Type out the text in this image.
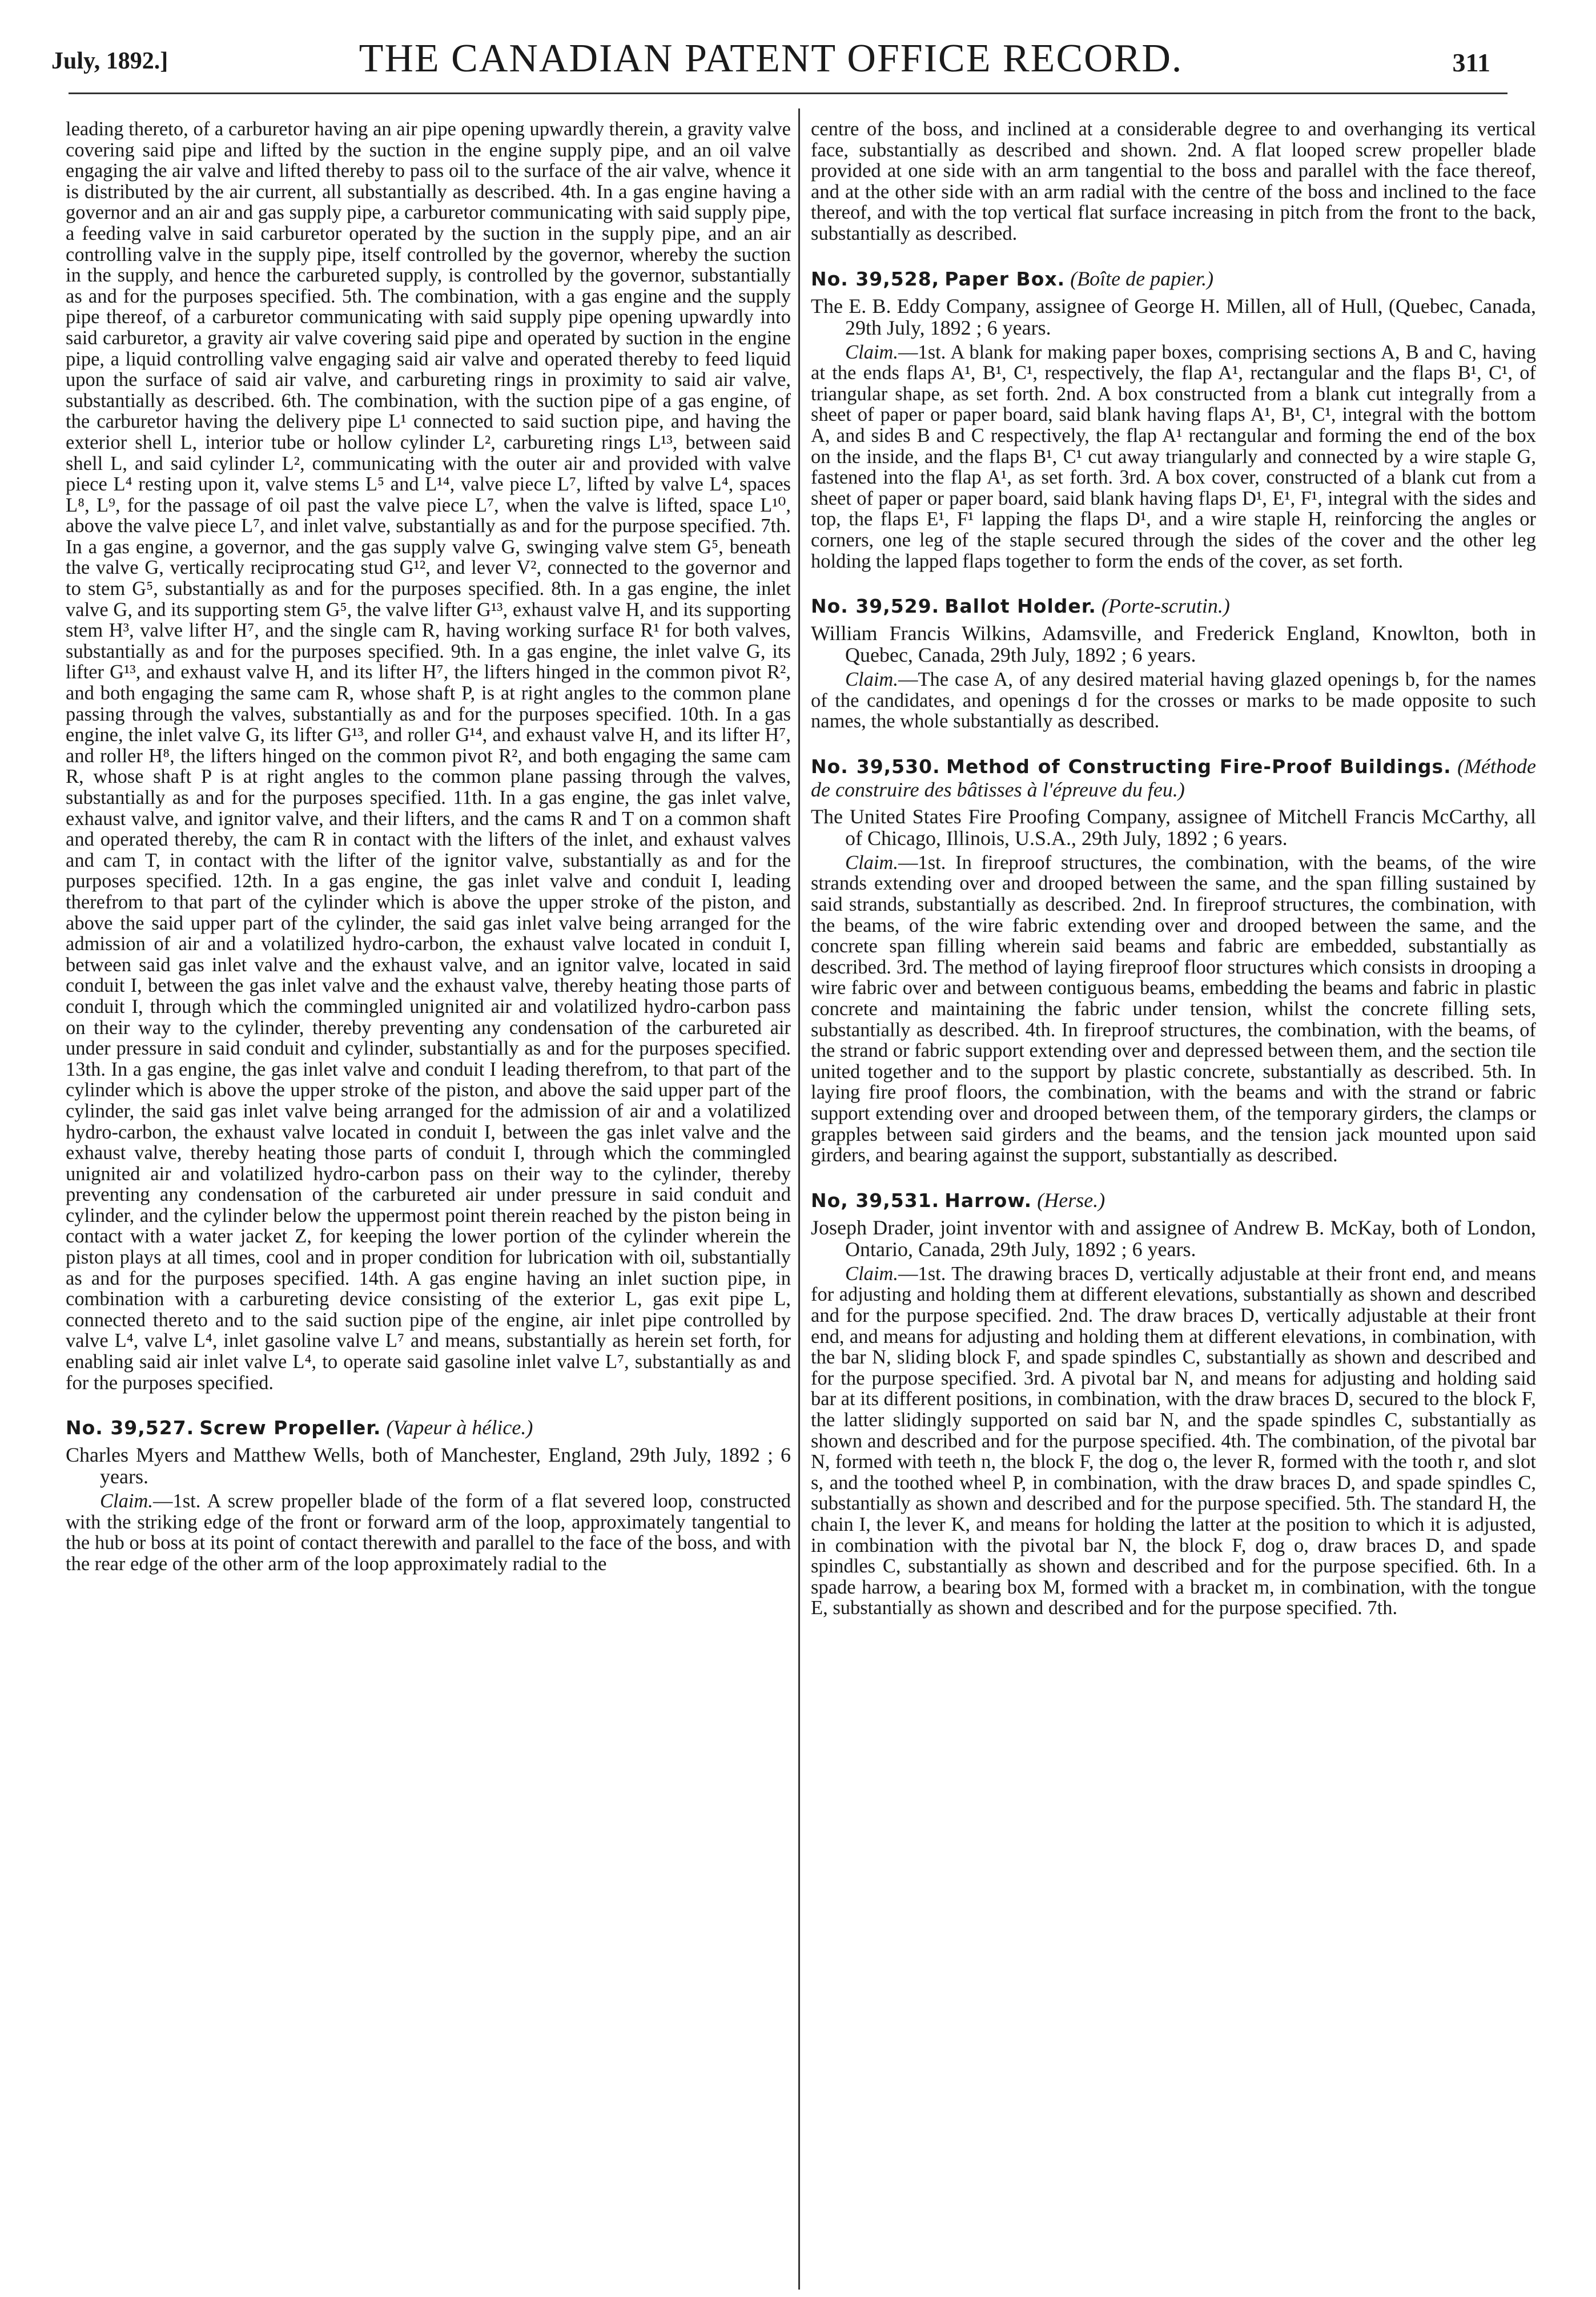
July, 1892.]	THE CANADIAN PATENT OFFICE RECORD.	311

leading thereto, of a carburetor having an air pipe opening upwardly therein, a gravity valve covering said pipe and lifted by the suction in the engine supply pipe, and an oil valve engaging the air valve and lifted thereby to pass oil to the surface of the air valve, whence it is distributed by the air current, all substantially as described. 4th. In a gas engine having a governor and an air and gas supply pipe, a carburetor communicating with said supply pipe, a feeding valve in said carburetor operated by the suction in the supply pipe, and an air controlling valve in the supply pipe, itself controlled by the governor, whereby the suction in the supply, and hence the carbureted supply, is controlled by the governor, substantially as and for the purposes specified. 5th. The combination, with a gas engine and the supply pipe thereof, of a carburetor communicating with said supply pipe opening upwardly into said carburetor, a gravity air valve covering said pipe and operated by suction in the engine pipe, a liquid controlling valve engaging said air valve and operated thereby to feed liquid upon the surface of said air valve, and carbureting rings in proximity to said air valve, substantially as described. 6th. The combination, with the suction pipe of a gas engine, of the carburetor having the delivery pipe L¹ connected to said suction pipe, and having the exterior shell L, interior tube or hollow cylinder L², carbureting rings L¹³, between said shell L, and said cylinder L², communicating with the outer air and provided with valve piece L⁴ resting upon it, valve stems L⁵ and L¹⁴, valve piece L⁷, lifted by valve L⁴, spaces L⁸, L⁹, for the passage of oil past the valve piece L⁷, when the valve is lifted, space L¹⁰, above the valve piece L⁷, and inlet valve, substantially as and for the purpose specified. 7th. In a gas engine, a governor, and the gas supply valve G, swinging valve stem G⁵, beneath the valve G, vertically reciprocating stud G¹², and lever V², connected to the governor and to stem G⁵, substantially as and for the purposes specified. 8th. In a gas engine, the inlet valve G, and its supporting stem G⁵, the valve lifter G¹³, exhaust valve H, and its supporting stem H³, valve lifter H⁷, and the single cam R, having working surface R¹ for both valves, substantially as and for the purposes specified. 9th. In a gas engine, the inlet valve G, its lifter G¹³, and exhaust valve H, and its lifter H⁷, the lifters hinged in the common pivot R², and both engaging the same cam R, whose shaft P, is at right angles to the common plane passing through the valves, substantially as and for the purposes specified. 10th. In a gas engine, the inlet valve G, its lifter G¹³, and roller G¹⁴, and exhaust valve H, and its lifter H⁷, and roller H⁸, the lifters hinged on the common pivot R², and both engaging the same cam R, whose shaft P is at right angles to the common plane passing through the valves, substantially as and for the purposes specified. 11th. In a gas engine, the gas inlet valve, exhaust valve, and ignitor valve, and their lifters, and the cams R and T on a common shaft and operated thereby, the cam R in contact with the lifters of the inlet, and exhaust valves and cam T, in contact with the lifter of the ignitor valve, substantially as and for the purposes specified. 12th. In a gas engine, the gas inlet valve and conduit I, leading therefrom to that part of the cylinder which is above the upper stroke of the piston, and above the said upper part of the cylinder, the said gas inlet valve being arranged for the admission of air and a volatilized hydro-carbon, the exhaust valve located in conduit I, between said gas inlet valve and the exhaust valve, and an ignitor valve, located in said conduit I, between the gas inlet valve and the exhaust valve, thereby heating those parts of conduit I, through which the commingled unignited air and volatilized hydro-carbon pass on their way to the cylinder, thereby preventing any condensation of the carbureted air under pressure in said conduit and cylinder, substantially as and for the purposes specified. 13th. In a gas engine, the gas inlet valve and conduit I leading therefrom, to that part of the cylinder which is above the upper stroke of the piston, and above the said upper part of the cylinder, the said gas inlet valve being arranged for the admission of air and a volatilized hydro-carbon, the exhaust valve located in conduit I, between the gas inlet valve and the exhaust valve, thereby heating those parts of conduit I, through which the commingled unignited air and volatilized hydro-carbon pass on their way to the cylinder, thereby preventing any condensation of the carbureted air under pressure in said conduit and cylinder, and the cylinder below the uppermost point therein reached by the piston being in contact with a water jacket Z, for keeping the lower portion of the cylinder wherein the piston plays at all times, cool and in proper condition for lubrication with oil, substantially as and for the purposes specified. 14th. A gas engine having an inlet suction pipe, in combination with a carbureting device consisting of the exterior L, gas exit pipe L, connected thereto and to the said suction pipe of the engine, air inlet pipe controlled by valve L⁴, valve L⁴, inlet gasoline valve L⁷ and means, substantially as herein set forth, for enabling said air inlet valve L⁴, to operate said gasoline inlet valve L⁷, substantially as and for the purposes specified.

No. 39,527. Screw Propeller. (Vapeur à hélice.)

Charles Myers and Matthew Wells, both of Manchester, England, 29th July, 1892 ; 6 years.

Claim.—1st. A screw propeller blade of the form of a flat severed loop, constructed with the striking edge of the front or forward arm of the loop, approximately tangential to the hub or boss at its point of contact therewith and parallel to the face of the boss, and with the rear edge of the other arm of the loop approximately radial to the

centre of the boss, and inclined at a considerable degree to and overhanging its vertical face, substantially as described and shown. 2nd. A flat looped screw propeller blade provided at one side with an arm tangential to the boss and parallel with the face thereof, and at the other side with an arm radial with the centre of the boss and inclined to the face thereof, and with the top vertical flat surface increasing in pitch from the front to the back, substantially as described.

No. 39,528, Paper Box. (Boîte de papier.)

The E. B. Eddy Company, assignee of George H. Millen, all of Hull, (Quebec, Canada, 29th July, 1892 ; 6 years.

Claim.—1st. A blank for making paper boxes, comprising sections A, B and C, having at the ends flaps A¹, B¹, C¹, respectively, the flap A¹, rectangular and the flaps B¹, C¹, of triangular shape, as set forth. 2nd. A box constructed from a blank cut integrally from a sheet of paper or paper board, said blank having flaps A¹, B¹, C¹, integral with the bottom A, and sides B and C respectively, the flap A¹ rectangular and forming the end of the box on the inside, and the flaps B¹, C¹ cut away triangularly and connected by a wire staple G, fastened into the flap A¹, as set forth. 3rd. A box cover, constructed of a blank cut from a sheet of paper or paper board, said blank having flaps D¹, E¹, F¹, integral with the sides and top, the flaps E¹, F¹ lapping the flaps D¹, and a wire staple H, reinforcing the angles or corners, one leg of the staple secured through the sides of the cover and the other leg holding the lapped flaps together to form the ends of the cover, as set forth.

No. 39,529. Ballot Holder. (Porte-scrutin.)

William Francis Wilkins, Adamsville, and Frederick England, Knowlton, both in Quebec, Canada, 29th July, 1892 ; 6 years.

Claim.—The case A, of any desired material having glazed openings b, for the names of the candidates, and openings d for the crosses or marks to be made opposite to such names, the whole substantially as described.

No. 39,530. Method of Constructing Fire-Proof Buildings. (Méthode de construire des bâtisses à l'épreuve du feu.)

The United States Fire Proofing Company, assignee of Mitchell Francis McCarthy, all of Chicago, Illinois, U.S.A., 29th July, 1892 ; 6 years.

Claim.—1st. In fireproof structures, the combination, with the beams, of the wire strands extending over and drooped between the same, and the span filling sustained by said strands, substantially as described. 2nd. In fireproof structures, the combination, with the beams, of the wire fabric extending over and drooped between the same, and the concrete span filling wherein said beams and fabric are embedded, substantially as described. 3rd. The method of laying fireproof floor structures which consists in drooping a wire fabric over and between contiguous beams, embedding the beams and fabric in plastic concrete and maintaining the fabric under tension, whilst the concrete filling sets, substantially as described. 4th. In fireproof structures, the combination, with the beams, of the strand or fabric support extending over and depressed between them, and the section tile united together and to the support by plastic concrete, substantially as described. 5th. In laying fire proof floors, the combination, with the beams and with the strand or fabric support extending over and drooped between them, of the temporary girders, the clamps or grapples between said girders and the beams, and the tension jack mounted upon said girders, and bearing against the support, substantially as described.

No, 39,531. Harrow. (Herse.)

Joseph Drader, joint inventor with and assignee of Andrew B. McKay, both of London, Ontario, Canada, 29th July, 1892 ; 6 years.

Claim.—1st. The drawing braces D, vertically adjustable at their front end, and means for adjusting and holding them at different elevations, substantially as shown and described and for the purpose specified. 2nd. The draw braces D, vertically adjustable at their front end, and means for adjusting and holding them at different elevations, in combination, with the bar N, sliding block F, and spade spindles C, substantially as shown and described and for the purpose specified. 3rd. A pivotal bar N, and means for adjusting and holding said bar at its different positions, in combination, with the draw braces D, secured to the block F, the latter slidingly supported on said bar N, and the spade spindles C, substantially as shown and described and for the purpose specified. 4th. The combination, of the pivotal bar N, formed with teeth n, the block F, the dog o, the lever R, formed with the tooth r, and slot s, and the toothed wheel P, in combination, with the draw braces D, and spade spindles C, substantially as shown and described and for the purpose specified. 5th. The standard H, the chain I, the lever K, and means for holding the latter at the position to which it is adjusted, in combination with the pivotal bar N, the block F, dog o, draw braces D, and spade spindles C, substantially as shown and described and for the purpose specified. 6th. In a spade harrow, a bearing box M, formed with a bracket m, in combination, with the tongue E, substantially as shown and described and for the purpose specified. 7th.
